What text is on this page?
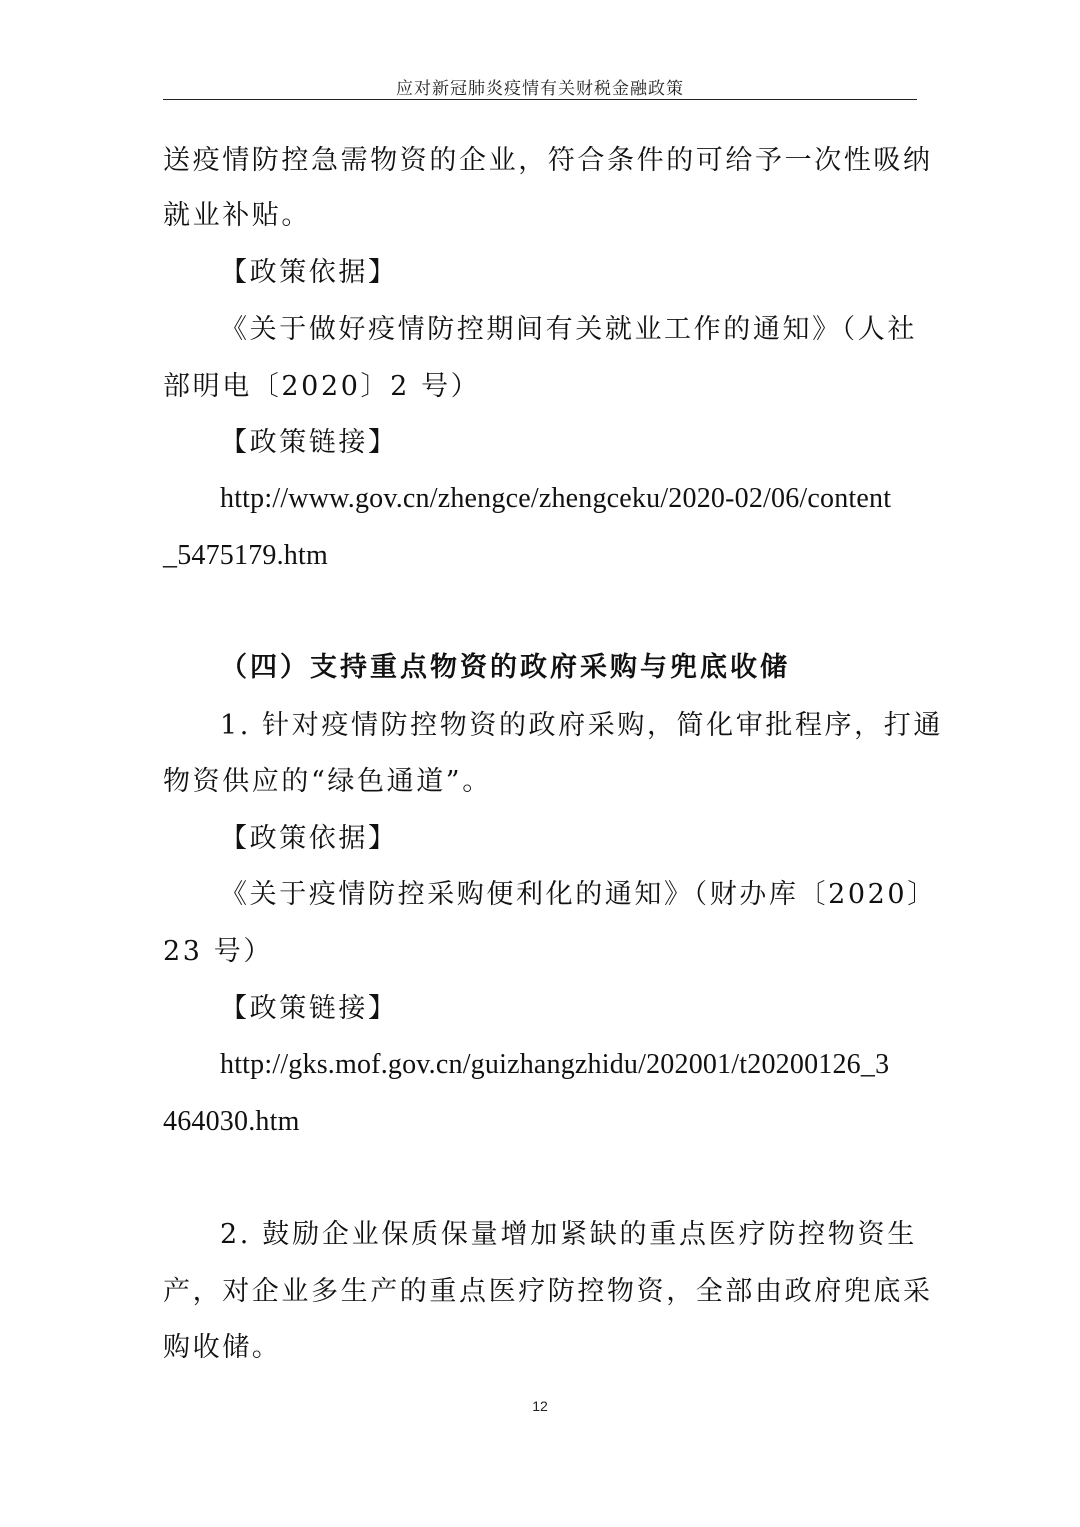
应对新冠肺炎疫情有关财税金融政策
送疫情防控急需物资的企业，符合条件的可给予一次性吸纳
就业补贴。
【政策依据】
《关于做好疫情防控期间有关就业工作的通知》（人社
部明电〔2020〕2 号）
【政策链接】
http://www.gov.cn/zhengce/zhengceku/2020-02/06/content
_5475179.htm
（四）支持重点物资的政府采购与兜底收储
1. 针对疫情防控物资的政府采购，简化审批程序，打通
物资供应的“绿色通道”。
【政策依据】
《关于疫情防控采购便利化的通知》（财办库〔2020〕
23 号）
【政策链接】
http://gks.mof.gov.cn/guizhangzhidu/202001/t20200126_3
464030.htm
2. 鼓励企业保质保量增加紧缺的重点医疗防控物资生
产，对企业多生产的重点医疗防控物资，全部由政府兜底采
购收储。
12
